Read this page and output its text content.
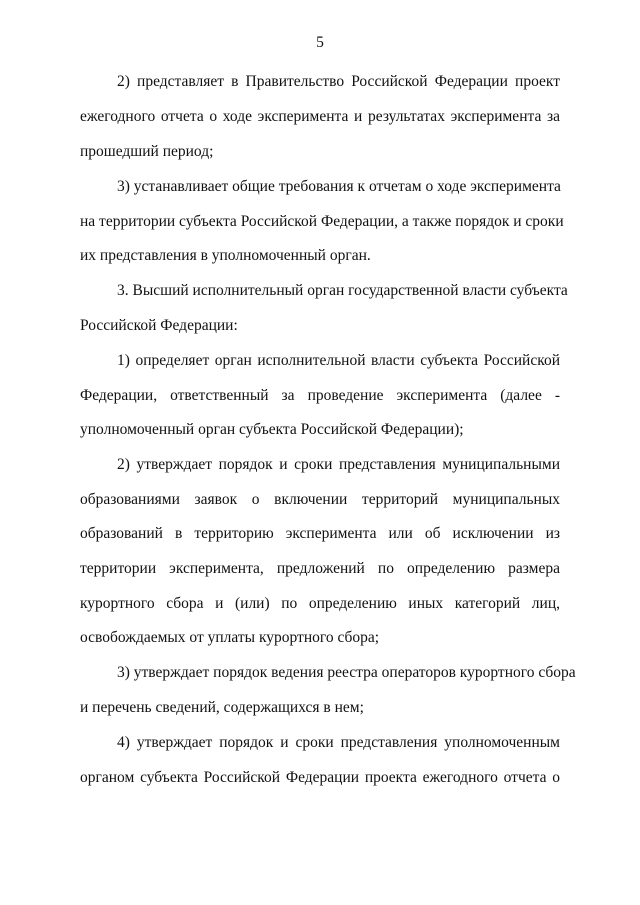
5
2) представляет в Правительство Российской Федерации проект
ежегодного отчета о ходе эксперимента и результатах эксперимента за
прошедший период;
3) устанавливает общие требования к отчетам о ходе эксперимента
на территории субъекта Российской Федерации, а также порядок и сроки
их представления в уполномоченный орган.
3. Высший исполнительный орган государственной власти субъекта
Российской Федерации:
1) определяет орган исполнительной власти субъекта Российской
Федерации, ответственный за проведение эксперимента (далее -
уполномоченный орган субъекта Российской Федерации);
2) утверждает порядок и сроки представления муниципальными
образованиями заявок о включении территорий муниципальных
образований в территорию эксперимента или об исключении из
территории эксперимента, предложений по определению размера
курортного сбора и (или) по определению иных категорий лиц,
освобождаемых от уплаты курортного сбора;
3) утверждает порядок ведения реестра операторов курортного сбора
и перечень сведений, содержащихся в нем;
4) утверждает порядок и сроки представления уполномоченным
органом субъекта Российской Федерации проекта ежегодного отчета о
